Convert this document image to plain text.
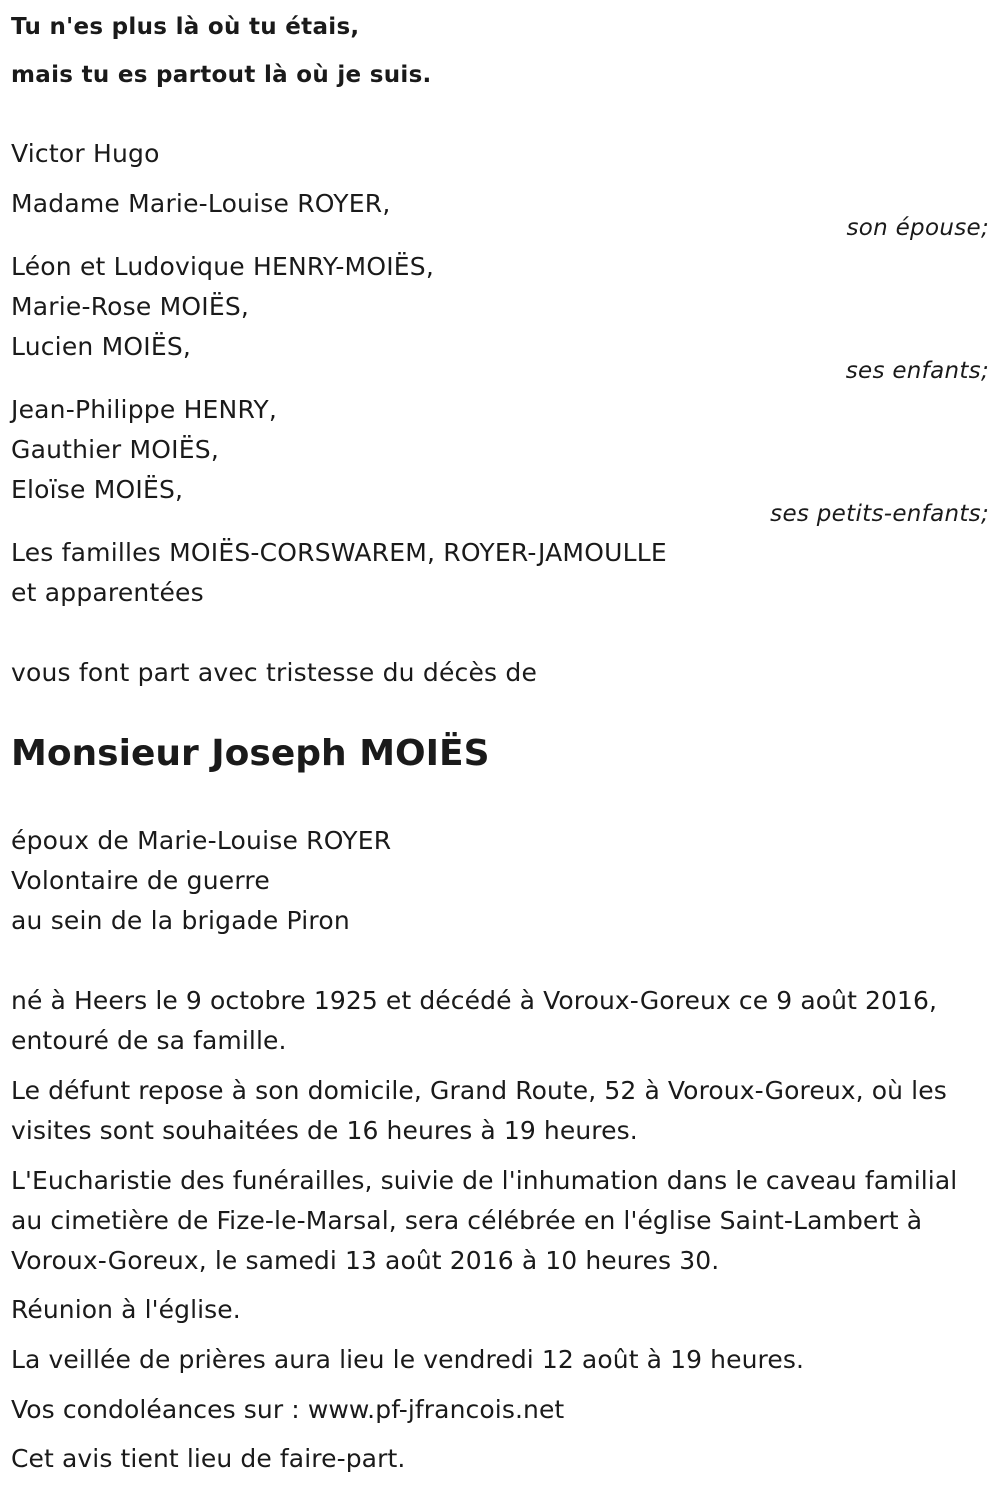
Tu n'es plus là où tu étais,
mais tu es partout là où je suis.
Victor Hugo
Madame Marie-Louise ROYER,
son épouse;
Léon et Ludovique HENRY-MOIËS,
Marie-Rose MOIËS,
Lucien MOIËS,
ses enfants;
Jean-Philippe HENRY,
Gauthier MOIËS,
Eloïse MOIËS,
ses petits-enfants;
Les familles MOIËS-CORSWAREM, ROYER-JAMOULLE
et apparentées
vous font part avec tristesse du décès de
Monsieur Joseph MOIËS
époux de Marie-Louise ROYER
Volontaire de guerre
au sein de la brigade Piron
né à Heers le 9 octobre 1925 et décédé à Voroux-Goreux ce 9 août 2016, entouré de sa famille.
Le défunt repose à son domicile, Grand Route, 52 à Voroux-Goreux, où les visites sont souhaitées de 16 heures à 19 heures.
L'Eucharistie des funérailles, suivie de l'inhumation dans le caveau familial au cimetière de Fize-le-Marsal, sera célébrée en l'église Saint-Lambert à Voroux-Goreux, le samedi 13 août 2016 à 10 heures 30.
Réunion à l'église.
La veillée de prières aura lieu le vendredi 12 août à 19 heures.
Vos condoléances sur : www.pf-jfrancois.net
Cet avis tient lieu de faire-part.
